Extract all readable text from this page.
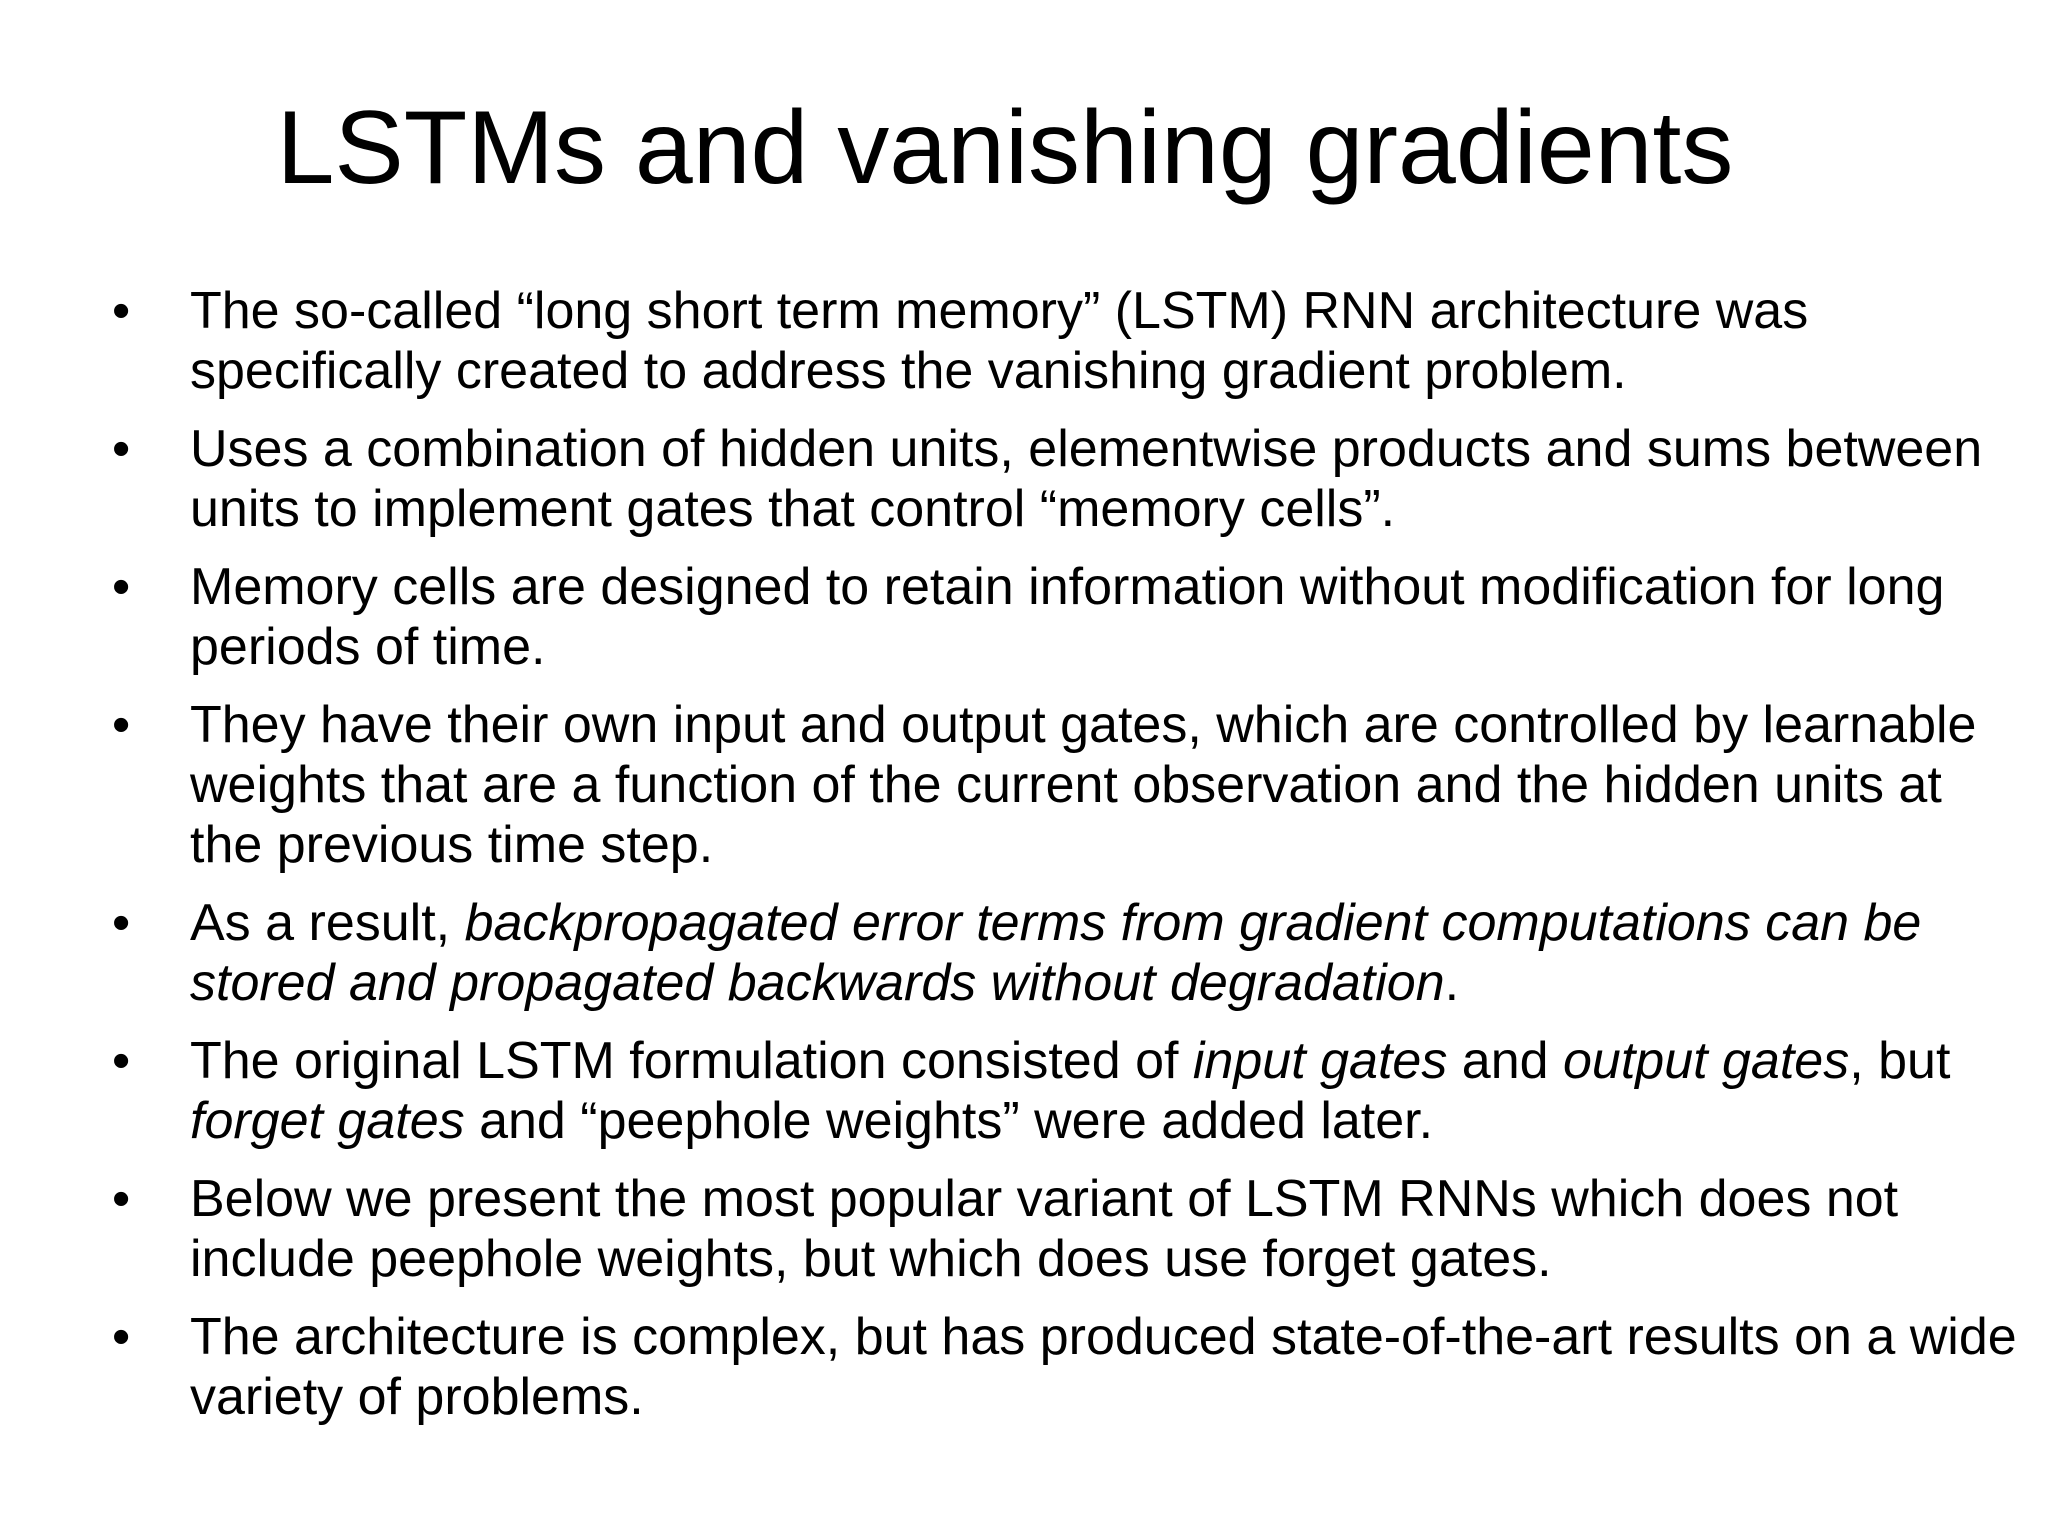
LSTMs and vanishing gradients
• The so-called “long short term memory” (LSTM) RNN architecture was specifically created to address the vanishing gradient problem.
• Uses a combination of hidden units, elementwise products and sums between units to implement gates that control “memory cells”.
• Memory cells are designed to retain information without modification for long periods of time.
• They have their own input and output gates, which are controlled by learnable weights that are a function of the current observation and the hidden units at the previous time step.
• As a result, backpropagated error terms from gradient computations can be stored and propagated backwards without degradation.
• The original LSTM formulation consisted of input gates and output gates, but forget gates and “peephole weights” were added later.
• Below we present the most popular variant of LSTM RNNs which does not include peephole weights, but which does use forget gates.
• The architecture is complex, but has produced state-of-the-art results on a wide variety of problems.
